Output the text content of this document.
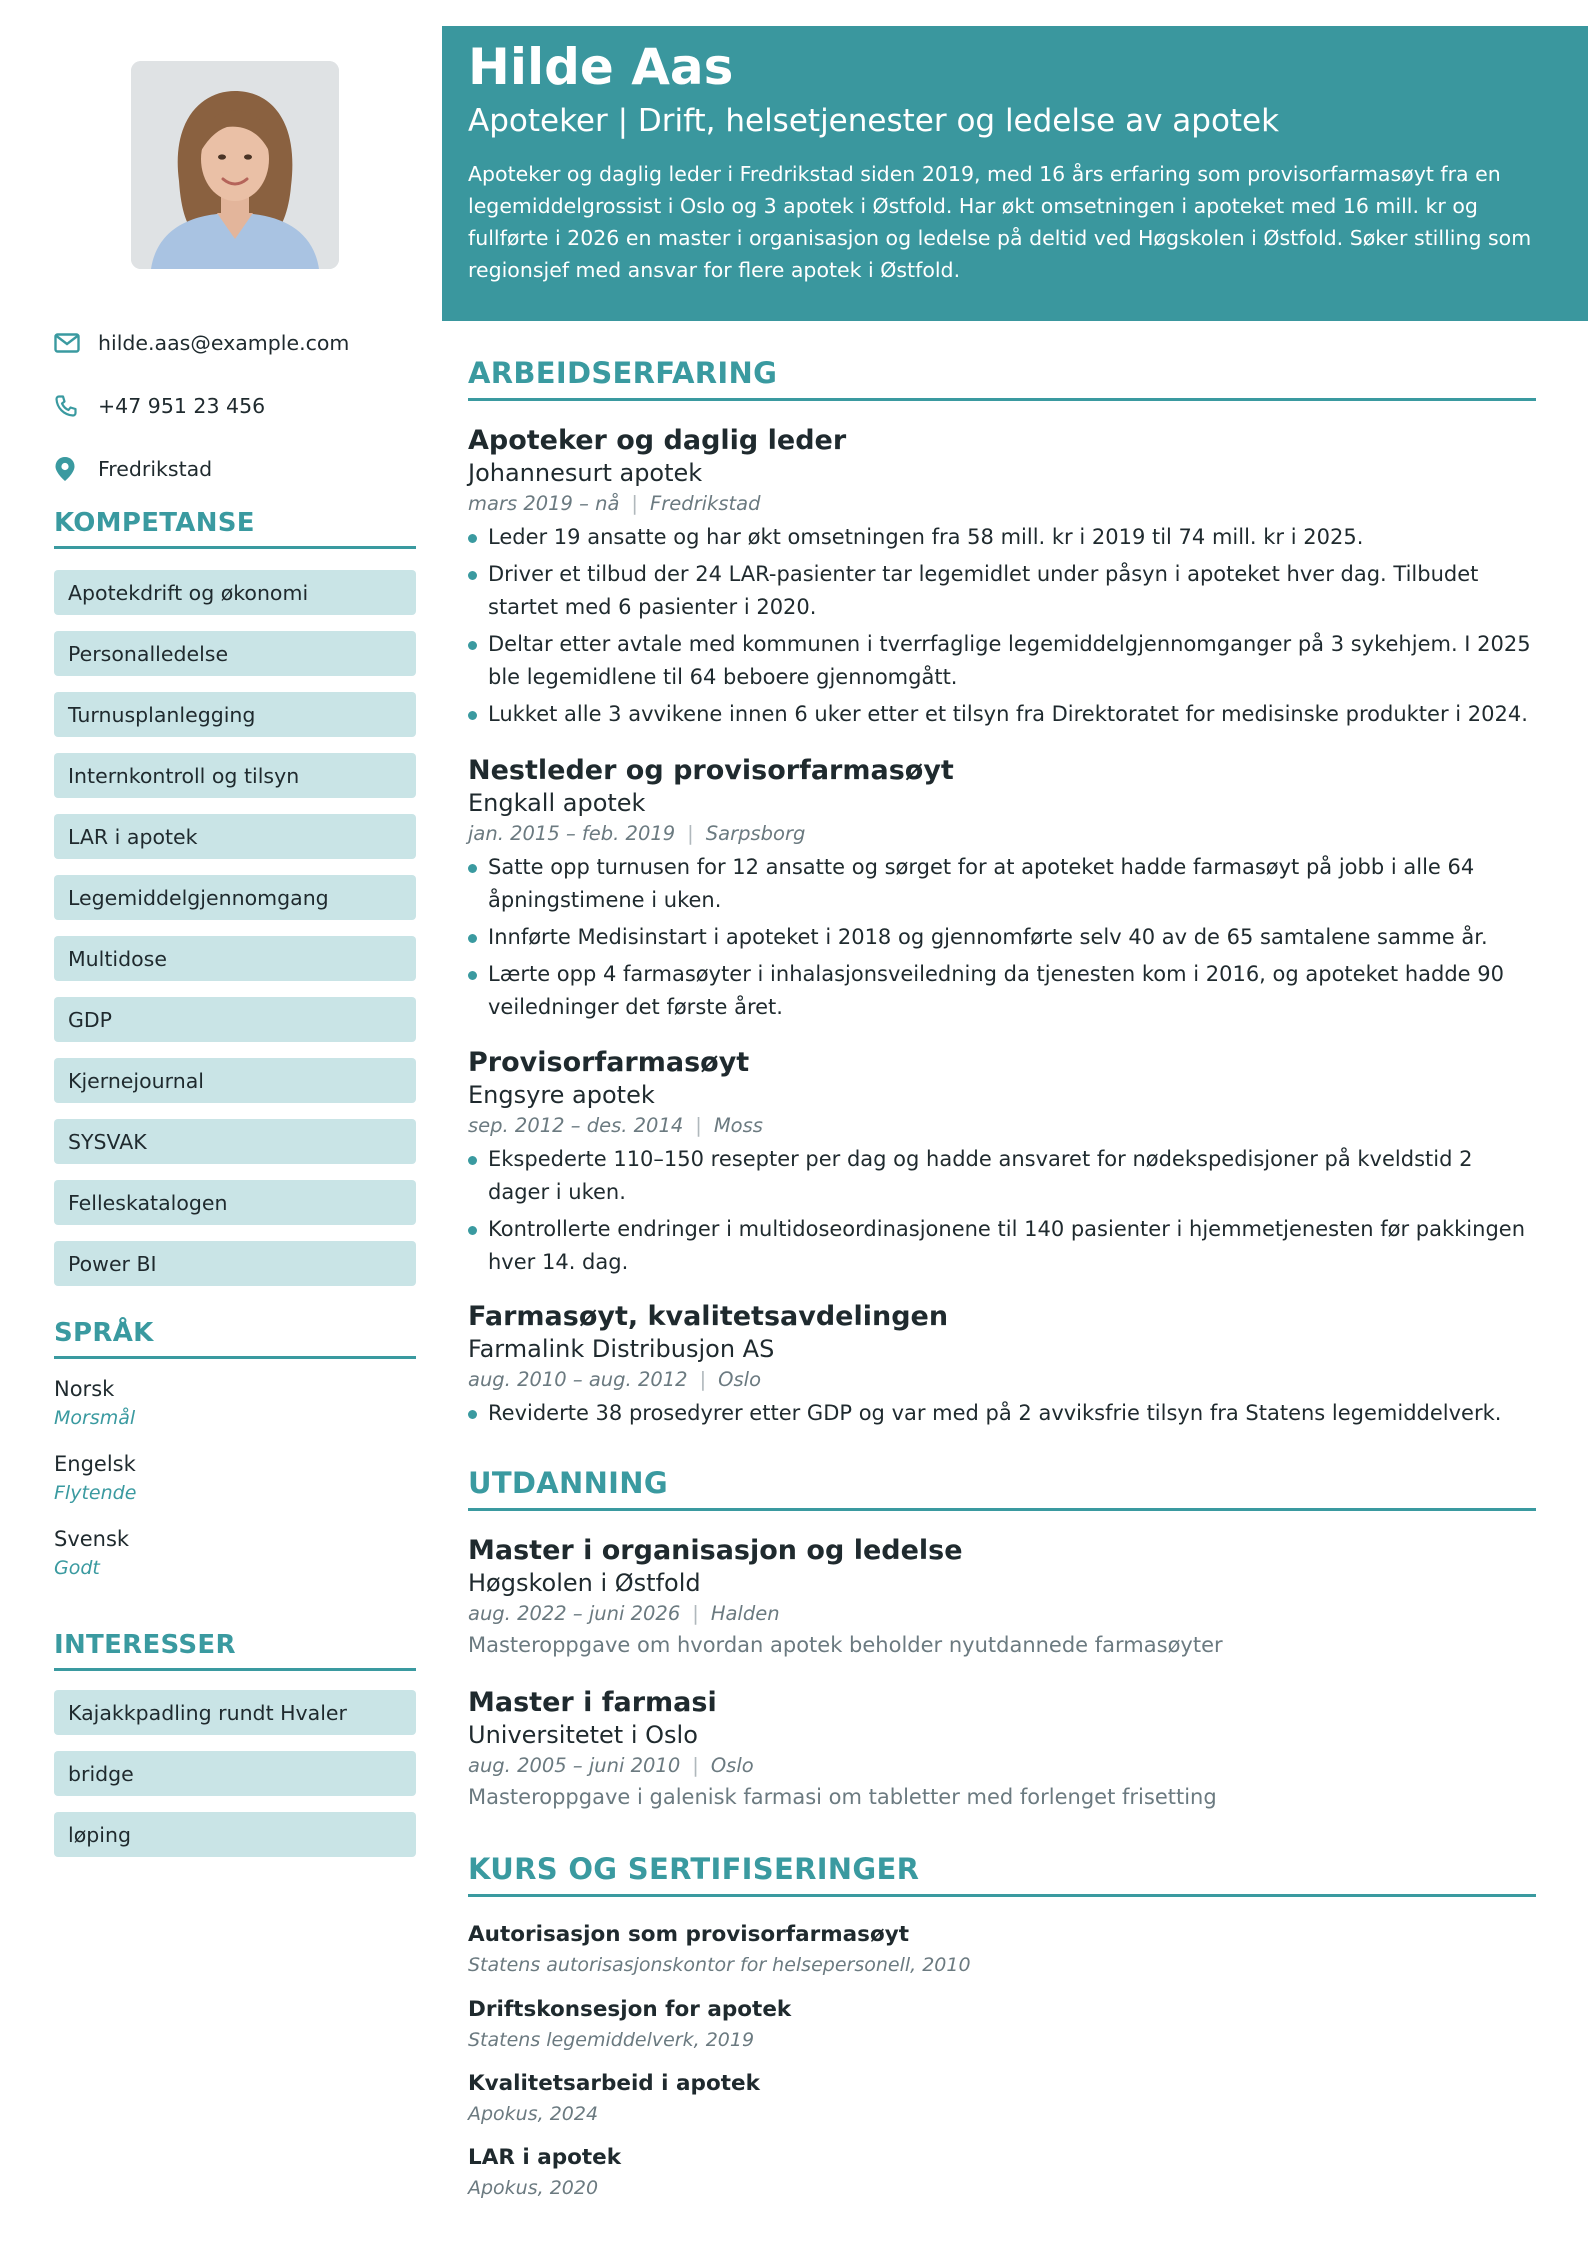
hilde.aas@example.com
+47 951 23 456
Fredrikstad
KOMPETANSE
Apotekdrift og økonomi
Personalledelse
Turnusplanlegging
Internkontroll og tilsyn
LAR i apotek
Legemiddelgjennomgang
Multidose
GDP
Kjernejournal
SYSVAK
Felleskatalogen
Power BI
SPRÅK
Norsk
Morsmål
Engelsk
Flytende
Svensk
Godt
INTERESSER
Kajakkpadling rundt Hvaler
bridge
løping
Hilde Aas
Apoteker | Drift, helsetjenester og ledelse av apotek

Apoteker og daglig leder i Fredrikstad siden 2019, med 16 års erfaring som provisorfarmasøyt fra en legemiddelgrossist i Oslo og 3 apotek i Østfold. Har økt omsetningen i apoteket med 16 mill. kr og fullførte i 2026 en master i organisasjon og ledelse på deltid ved Høgskolen i Østfold. Søker stilling som regionsjef med ansvar for flere apotek i Østfold.

ARBEIDSERFARING
Apoteker og daglig leder
Johannesurt apotek
mars 2019 – nå | Fredrikstad
Leder 19 ansatte og har økt omsetningen fra 58 mill. kr i 2019 til 74 mill. kr i 2025.
Driver et tilbud der 24 LAR-pasienter tar legemidlet under påsyn i apoteket hver dag. Tilbudet startet med 6 pasienter i 2020.
Deltar etter avtale med kommunen i tverrfaglige legemiddelgjennomganger på 3 sykehjem. I 2025 ble legemidlene til 64 beboere gjennomgått.
Lukket alle 3 avvikene innen 6 uker etter et tilsyn fra Direktoratet for medisinske produkter i 2024.
Nestleder og provisorfarmasøyt
Engkall apotek
jan. 2015 – feb. 2019 | Sarpsborg
Satte opp turnusen for 12 ansatte og sørget for at apoteket hadde farmasøyt på jobb i alle 64 åpningstimene i uken.
Innførte Medisinstart i apoteket i 2018 og gjennomførte selv 40 av de 65 samtalene samme år.
Lærte opp 4 farmasøyter i inhalasjonsveiledning da tjenesten kom i 2016, og apoteket hadde 90 veiledninger det første året.
Provisorfarmasøyt
Engsyre apotek
sep. 2012 – des. 2014 | Moss
Ekspederte 110–150 resepter per dag og hadde ansvaret for nødekspedisjoner på kveldstid 2 dager i uken.
Kontrollerte endringer i multidoseordinasjonene til 140 pasienter i hjemmetjenesten før pakkingen hver 14. dag.
Farmasøyt, kvalitetsavdelingen
Farmalink Distribusjon AS
aug. 2010 – aug. 2012 | Oslo
Reviderte 38 prosedyrer etter GDP og var med på 2 avviksfrie tilsyn fra Statens legemiddelverk.
UTDANNING
Master i organisasjon og ledelse
Høgskolen i Østfold
aug. 2022 – juni 2026 | Halden
Masteroppgave om hvordan apotek beholder nyutdannede farmasøyter
Master i farmasi
Universitetet i Oslo
aug. 2005 – juni 2010 | Oslo
Masteroppgave i galenisk farmasi om tabletter med forlenget frisetting
KURS OG SERTIFISERINGER
Autorisasjon som provisorfarmasøyt
Statens autorisasjonskontor for helsepersonell, 2010
Driftskonsesjon for apotek
Statens legemiddelverk, 2019
Kvalitetsarbeid i apotek
Apokus, 2024
LAR i apotek
Apokus, 2020
